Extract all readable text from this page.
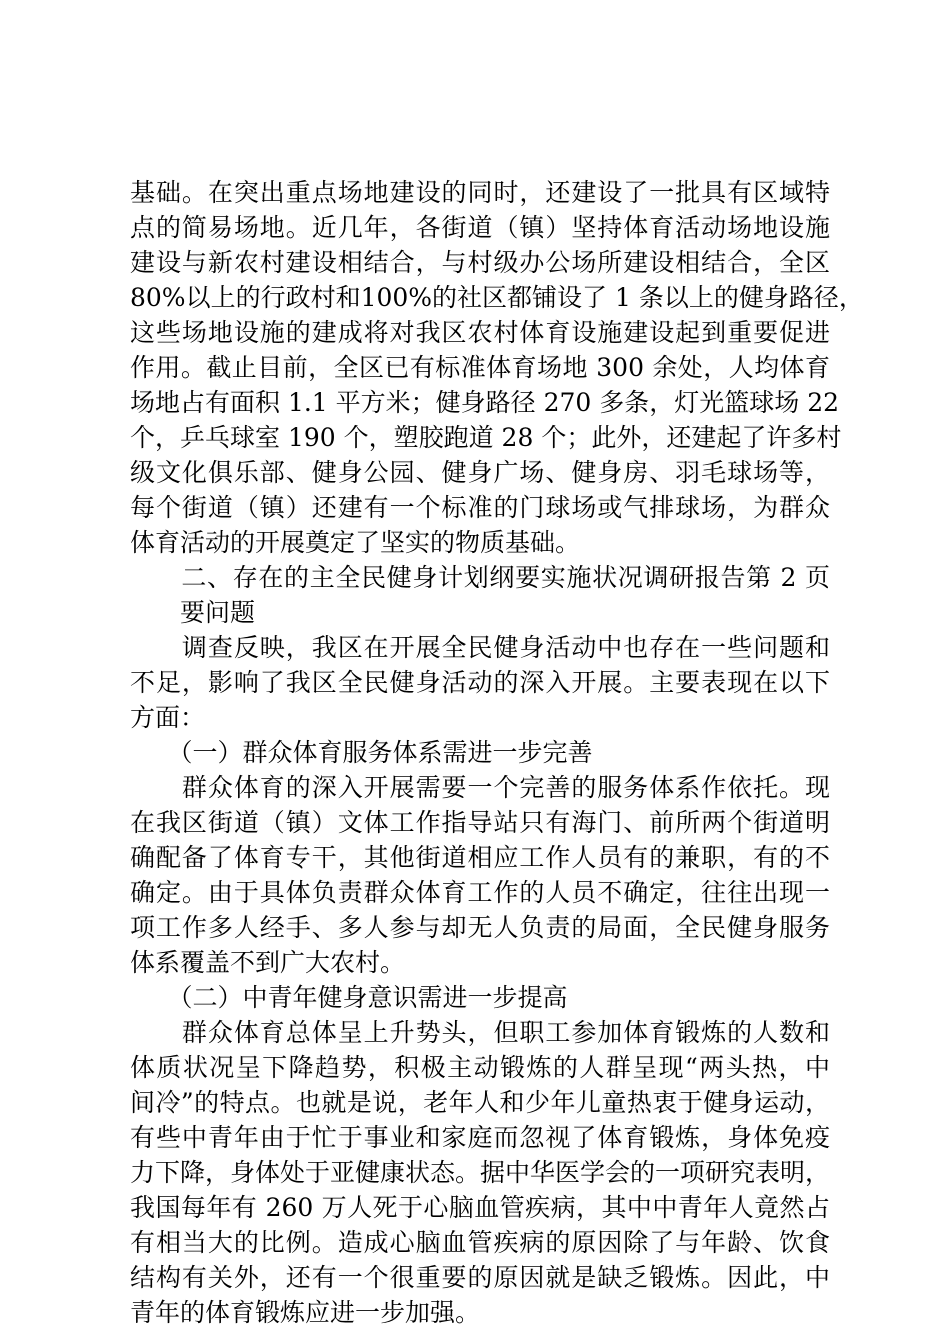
基础。在突出重点场地建设的同时，还建设了一批具有区域特
点的简易场地。近几年，各街道（镇）坚持体育活动场地设施
建设与新农村建设相结合，与村级办公场所建设相结合，全区
80%以上的行政村和100%的社区都铺设了 1 条以上的健身路径，
这些场地设施的建成将对我区农村体育设施建设起到重要促进
作用。截止目前，全区已有标准体育场地 300 余处，人均体育
场地占有面积 1.1 平方米；健身路径 270 多条，灯光篮球场 22
个，乒乓球室 190 个，塑胶跑道 28 个；此外，还建起了许多村
级文化俱乐部、健身公园、健身广场、健身房、羽毛球场等，
每个街道（镇）还建有一个标准的门球场或气排球场，为群众
体育活动的开展奠定了坚实的物质基础。
　　二、存在的主全民健身计划纲要实施状况调研报告第 2 页
　　要问题
　　调查反映，我区在开展全民健身活动中也存在一些问题和
不足，影响了我区全民健身活动的深入开展。主要表现在以下
方面：
　　（一）群众体育服务体系需进一步完善
　　群众体育的深入开展需要一个完善的服务体系作依托。现
在我区街道（镇）文体工作指导站只有海门、前所两个街道明
确配备了体育专干，其他街道相应工作人员有的兼职，有的不
确定。由于具体负责群众体育工作的人员不确定，往往出现一
项工作多人经手、多人参与却无人负责的局面，全民健身服务
体系覆盖不到广大农村。
　　（二）中青年健身意识需进一步提高
　　群众体育总体呈上升势头，但职工参加体育锻炼的人数和
体质状况呈下降趋势，积极主动锻炼的人群呈现“两头热，中
间冷”的特点。也就是说，老年人和少年儿童热衷于健身运动，
有些中青年由于忙于事业和家庭而忽视了体育锻炼，身体免疫
力下降，身体处于亚健康状态。据中华医学会的一项研究表明，
我国每年有 260 万人死于心脑血管疾病，其中中青年人竟然占
有相当大的比例。造成心脑血管疾病的原因除了与年龄、饮食
结构有关外，还有一个很重要的原因就是缺乏锻炼。因此，中
青年的体育锻炼应进一步加强。
